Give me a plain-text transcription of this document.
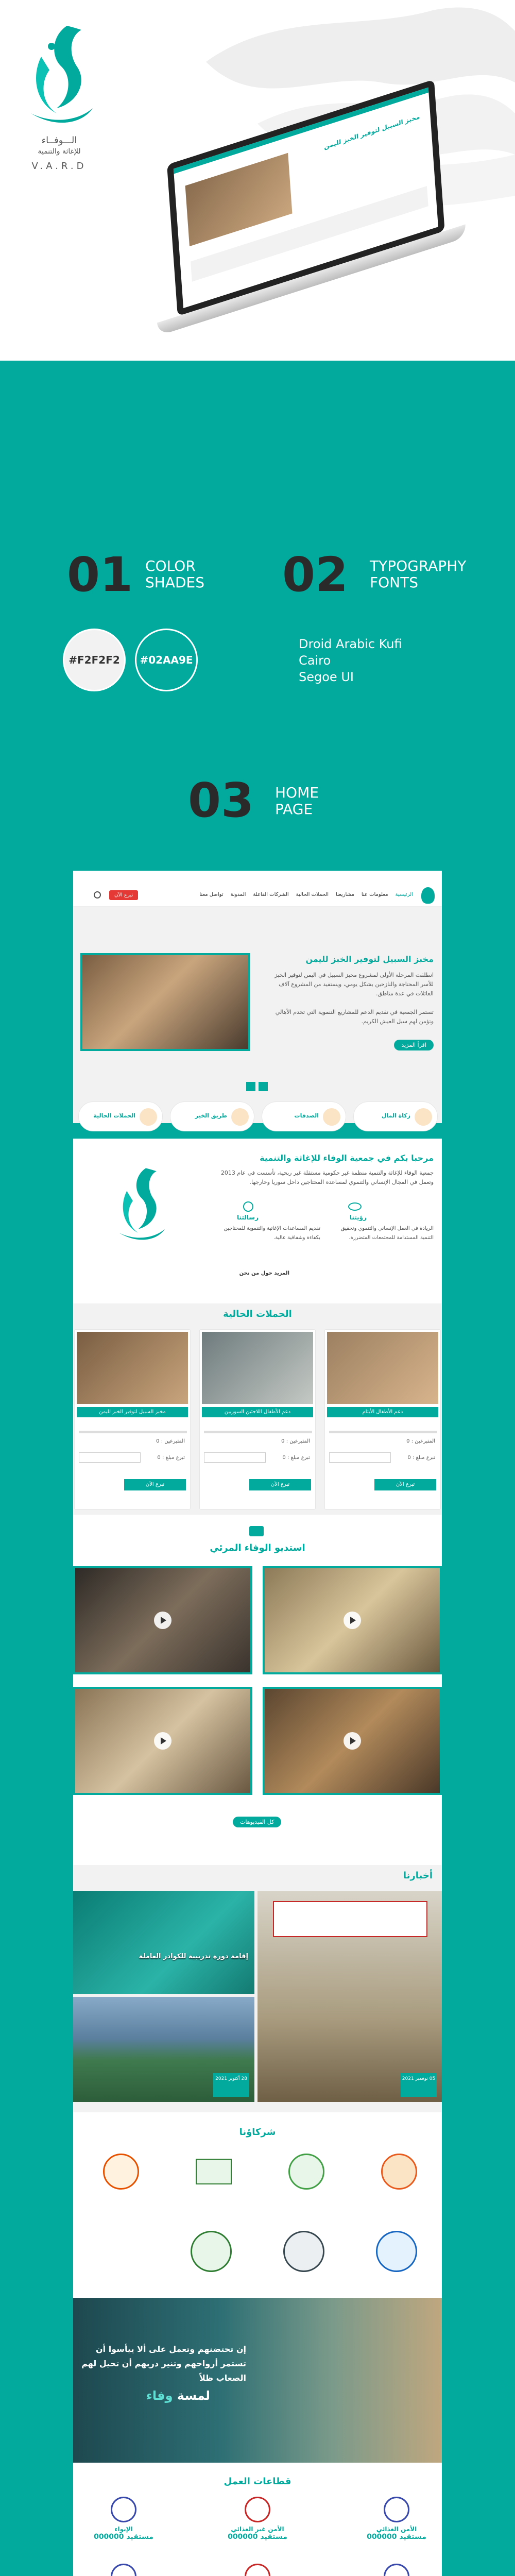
الـــوفــاء
للإغاثة والتنمية
V.A.R.D
مخبز السبيل لتوفير الخبز لليمن
01 COLOR
SHADES 02 TYPOGRAPHY
FONTS
#F2F2F2	#02AA9E
Droid Arabic Kufi
Cairo
Segoe UI
03 HOME
PAGE
مرحبا بكم في جمعية الوفاء للإغاثة والتنمية
● ● ● ● ●
الرئيسية
معلومات عنا
مشاريعنا
الحملات الحالية
الشركات الفاعلة
المدونة
تواصل معنا
تبرع الآن
مخبز السبيل لتوفير الخبز لليمن
انطلقت المرحلة الأولى لمشروع مخبز السبيل في اليمن لتوفير الخبز للأسر المحتاجة والنازحين بشكل يومي، ويستفيد من المشروع آلاف العائلات في عدة مناطق.
تستمر الجمعية في تقديم الدعم للمشاريع التنموية التي تخدم الأهالي وتؤمن لهم سبل العيش الكريم.
اقرأ المزيد
زكاة المال
الصدقات
طريق الخير
الحملات الحالية
مرحبا بكم في جمعية الوفاء للإغاثة والتنمية
جمعية الوفاء للإغاثة والتنمية منظمة غير حكومية مستقلة غير ربحية، تأسست في عام 2013 وتعمل في المجال الإنساني والتنموي لمساعدة المحتاجين داخل سوريا وخارجها.
رؤيتنا
الريادة في العمل الإنساني والتنموي وتحقيق التنمية المستدامة للمجتمعات المتضررة.
رسالتنا
تقديم المساعدات الإغاثية والتنموية للمحتاجين بكفاءة وشفافية عالية.
المزيد حول من نحن
الحملات الحالية
دعم الأطفال الأيتام
المتبرعين : 0
تبرع مبلغ : 0
تبرع الآن
دعم الأطفال اللاجئين السوريين
المتبرعين : 0
تبرع مبلغ : 0
تبرع الآن
مخبز السبيل لتوفير الخبز لليمن
المتبرعين : 0
تبرع مبلغ : 0
تبرع الآن
استديو الوفاء المرئي
كل الفيديوهات
أخبارنا
05 نوفمبر 2021
إقامة دورة تدريبية للكوادر العاملة
28 أكتوبر 2021
شركاؤنا
إن تحتضنهم وتعمل على ألا ييأسوا أن
تستمر أرواحهم وتنير دربهم أن تحيل لهم
الصعاب ظلاً
لمسة وفاء
قطاعات العمل
الأمن الغذائي
000000 مستفيد
الأمن غير الغذائي
000000 مستفيد
الإيواء
000000 مستفيد
